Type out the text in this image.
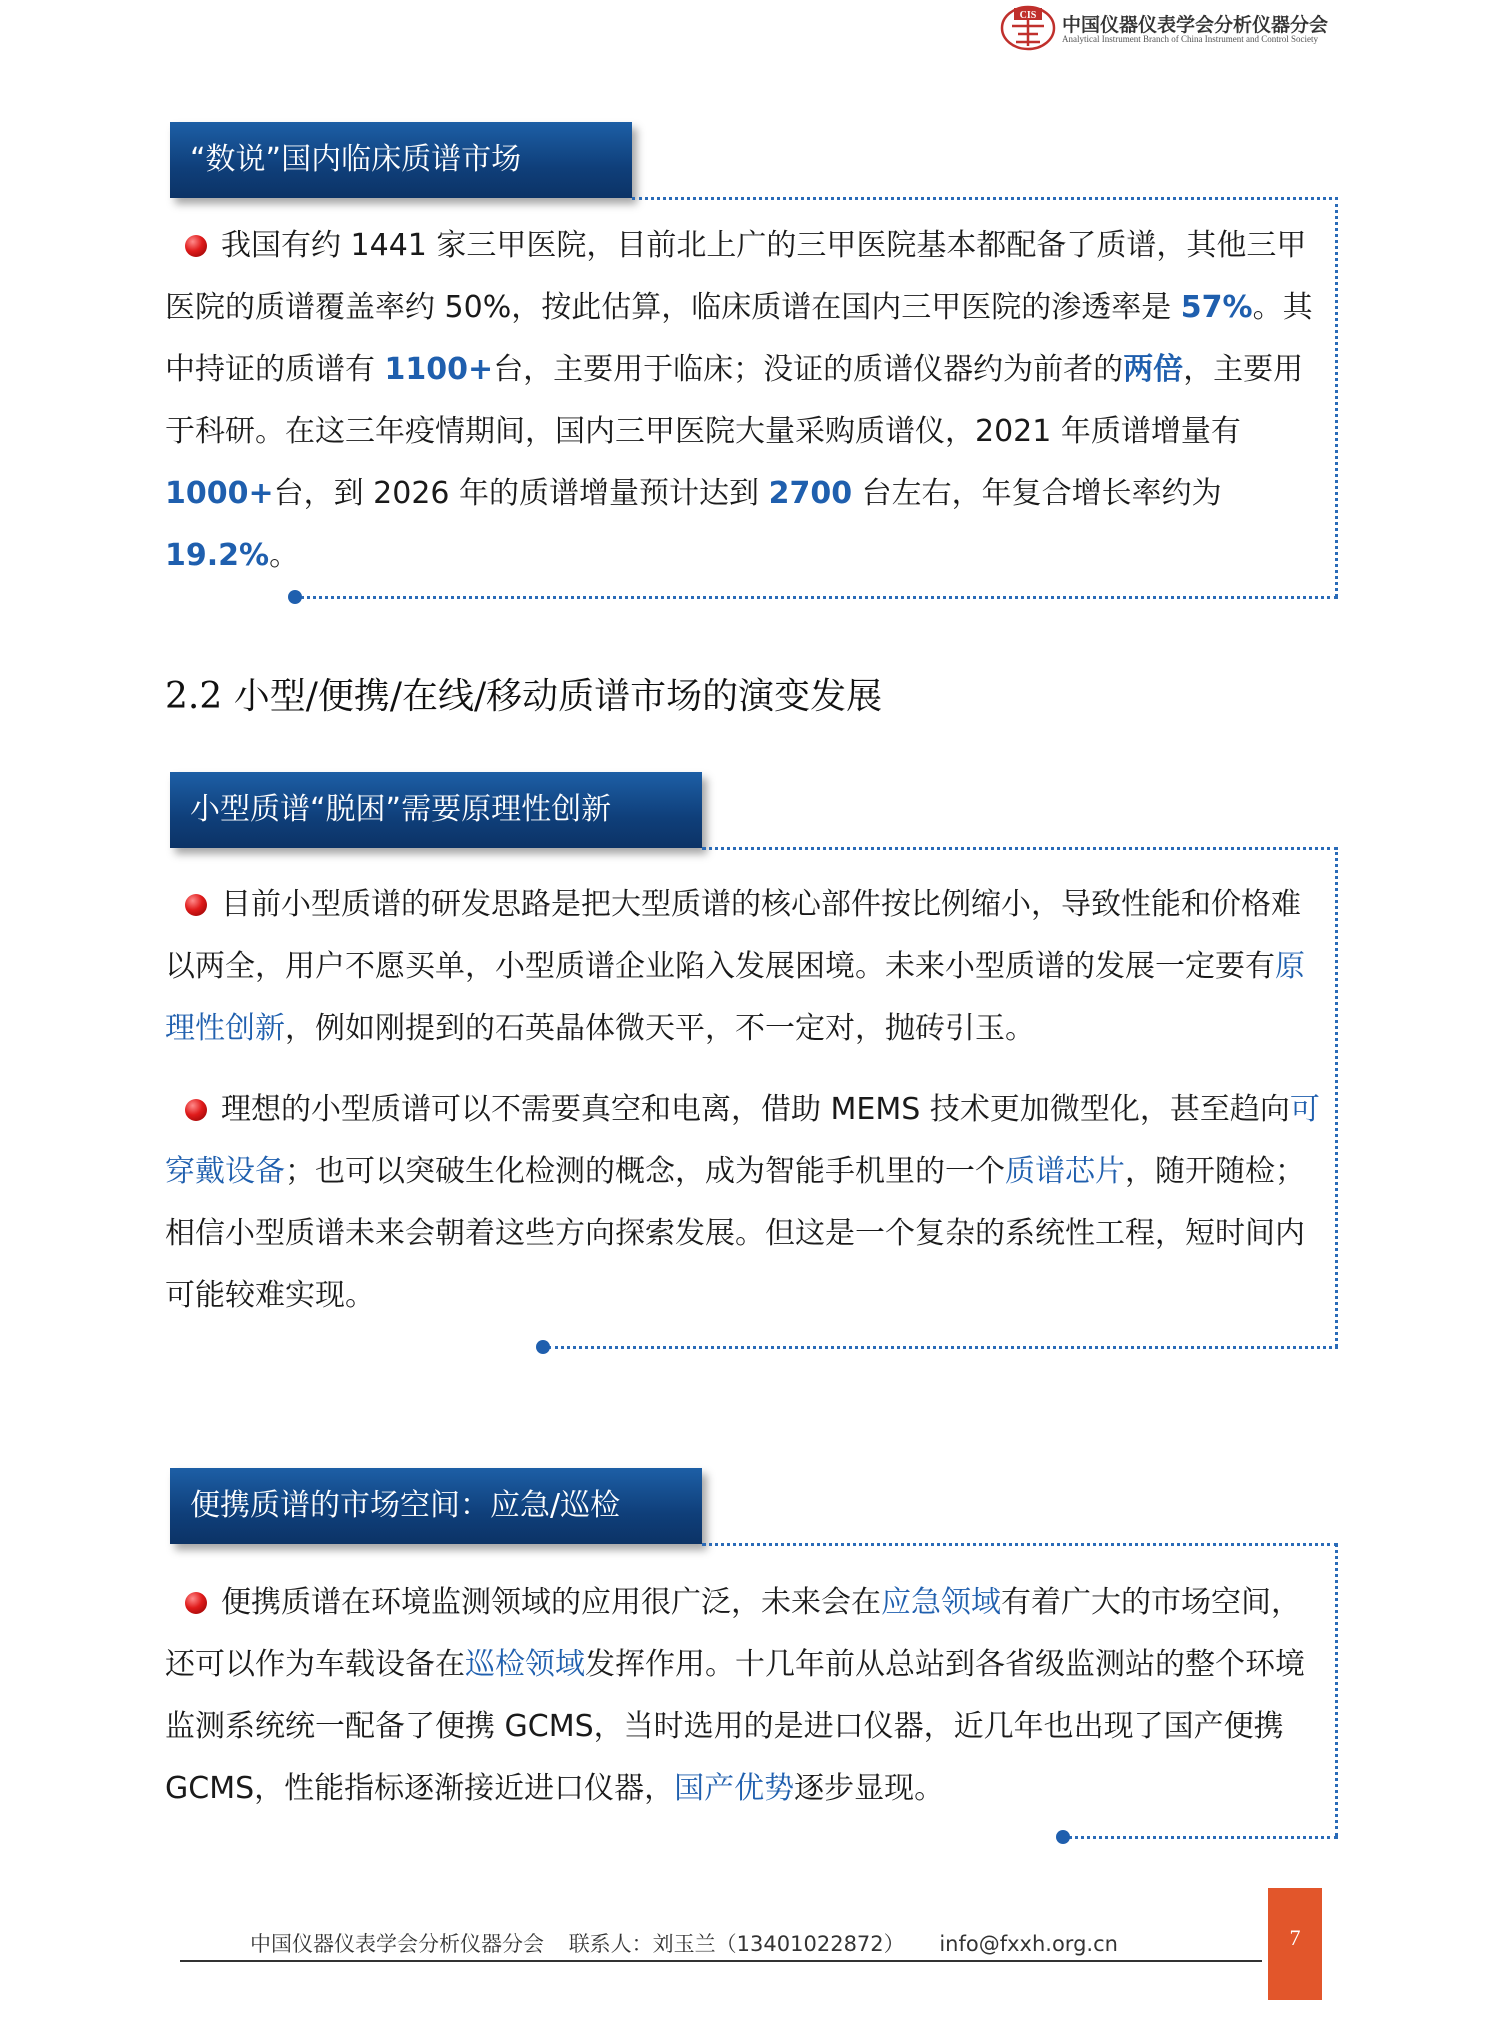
CIS 中国仪器仪表学会分析仪器分会
Analytical Instrument Branch of China Instrument and Control Society
“数说”国内临床质谱市场
我国有约 1441 家三甲医院，目前北上广的三甲医院基本都配备了质谱，其他三甲医院的质谱覆盖率约 50%，按此估算，临床质谱在国内三甲医院的渗透率是 57%。其中持证的质谱有 1100+台，主要用于临床；没证的质谱仪器约为前者的两倍，主要用于科研。在这三年疫情期间，国内三甲医院大量采购质谱仪，2021 年质谱增量有 1000+台，到 2026 年的质谱增量预计达到 2700 台左右，年复合增长率约为 19.2%。
2.2 小型/便携/在线/移动质谱市场的演变发展
小型质谱“脱困”需要原理性创新
目前小型质谱的研发思路是把大型质谱的核心部件按比例缩小，导致性能和价格难以两全，用户不愿买单，小型质谱企业陷入发展困境。未来小型质谱的发展一定要有原理性创新，例如刚提到的石英晶体微天平，不一定对，抛砖引玉。
理想的小型质谱可以不需要真空和电离，借助 MEMS 技术更加微型化，甚至趋向可穿戴设备；也可以突破生化检测的概念，成为智能手机里的一个质谱芯片，随开随检；相信小型质谱未来会朝着这些方向探索发展。但这是一个复杂的系统性工程，短时间内可能较难实现。
便携质谱的市场空间：应急/巡检
便携质谱在环境监测领域的应用很广泛，未来会在应急领域有着广大的市场空间，还可以作为车载设备在巡检领域发挥作用。十几年前从总站到各省级监测站的整个环境监测系统统一配备了便携 GCMS，当时选用的是进口仪器，近几年也出现了国产便携 GCMS，性能指标逐渐接近进口仪器，国产优势逐步显现。
中国仪器仪表学会分析仪器分会 联系人：刘玉兰（13401022872） info@fxxh.org.cn	7
